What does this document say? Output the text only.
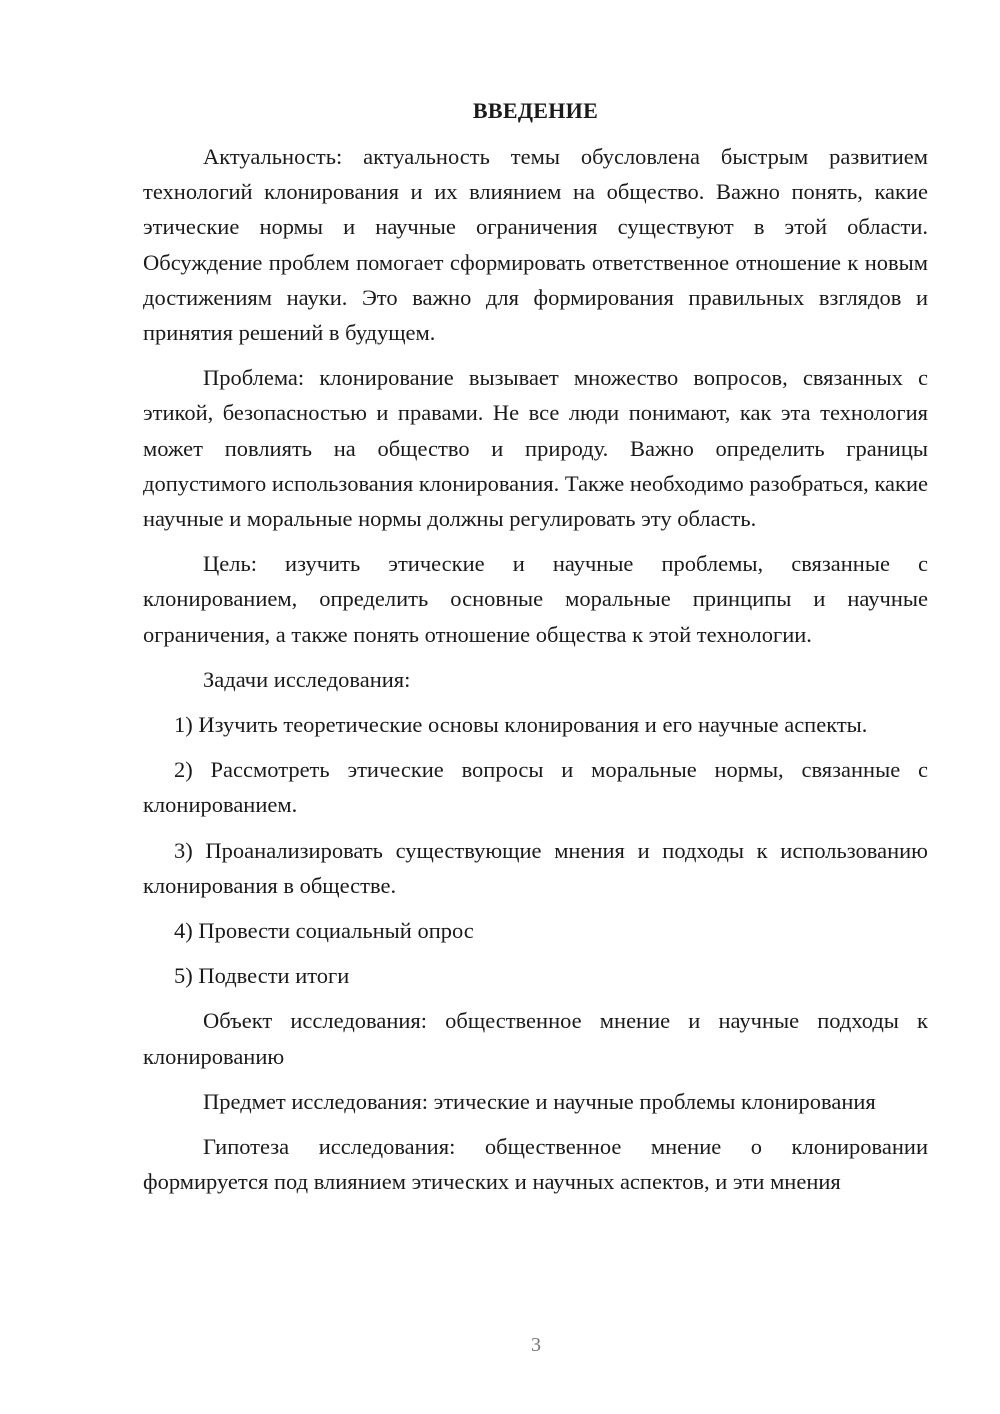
ВВЕДЕНИЕ

Актуальность: актуальность темы обусловлена быстрым развитием технологий клонирования и их влиянием на общество. Важно понять, какие этические нормы и научные ограничения существуют в этой области. Обсуждение проблем помогает сформировать ответственное отношение к новым достижениям науки. Это важно для формирования правильных взглядов и принятия решений в будущем.

Проблема: клонирование вызывает множество вопросов, связанных с этикой, безопасностью и правами. Не все люди понимают, как эта технология может повлиять на общество и природу. Важно определить границы допустимого использования клонирования. Также необходимо разобраться, какие научные и моральные нормы должны регулировать эту область.

Цель: изучить этические и научные проблемы, связанные с клонированием, определить основные моральные принципы и научные ограничения, а также понять отношение общества к этой технологии.

Задачи исследования:

1) Изучить теоретические основы клонирования и его научные аспекты.

2) Рассмотреть этические вопросы и моральные нормы, связанные с клонированием.

3) Проанализировать существующие мнения и подходы к использованию клонирования в обществе.

4) Провести социальный опрос

5) Подвести итоги

Объект исследования: общественное мнение и научные подходы к клонированию

Предмет исследования: этические и научные проблемы клонирования

Гипотеза исследования: общественное мнение о клонировании формируется под влиянием этических и научных аспектов, и эти мнения

3
